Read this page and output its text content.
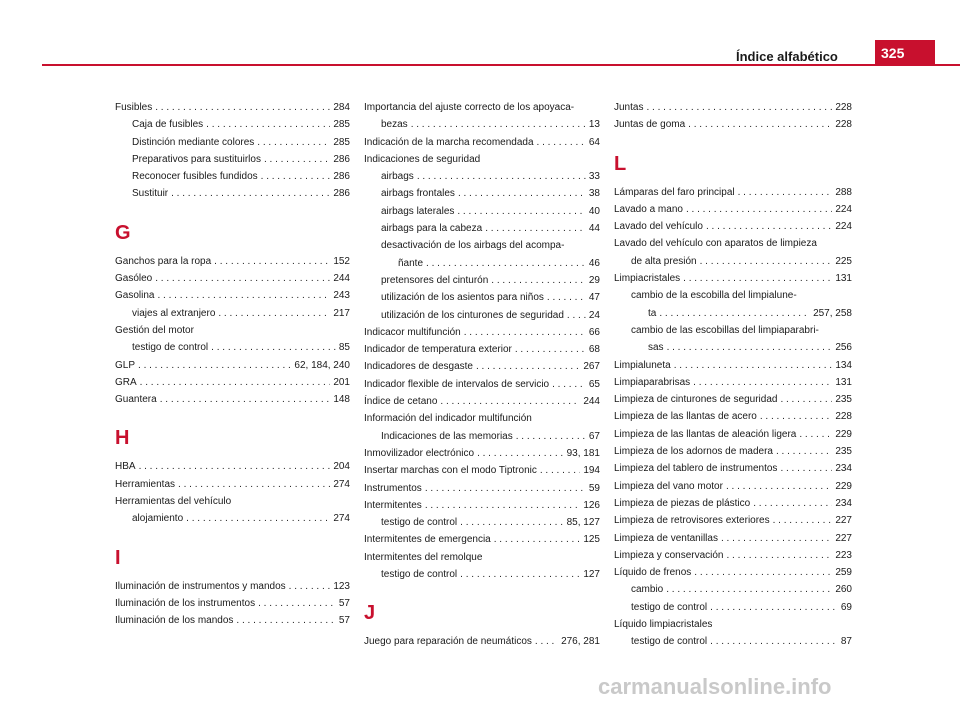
Índice alfabético	325
Fusibles . . .	284
Caja de fusibles . . .	285
Distinción mediante colores . . .	285
Preparativos para sustituirlos . . .	286
Reconocer fusibles fundidos . . .	286
Sustituir . . .	286
G
Ganchos para la ropa . . .	152
Gasóleo . . .	244
Gasolina . . .	243
viajes al extranjero . . .	217
Gestión del motor
testigo de control . . .	85
GLP . . .	62, 184, 240
GRA . . .	201
Guantera . . .	148
H
HBA . . .	204
Herramientas . . .	274
Herramientas del vehículo
alojamiento . . .	274
I
Iluminación de instrumentos y mandos . . .	123
Iluminación de los instrumentos . . .	57
Iluminación de los mandos . . .	57
Importancia del ajuste correcto de los apoyaca-
bezas . . .	13
Indicación de la marcha recomendada . . .	64
Indicaciones de seguridad
airbags . . .	33
airbags frontales . . .	38
airbags laterales . . .	40
airbags para la cabeza . . .	44
desactivación de los airbags del acompa-
ñante . . .	46
pretensores del cinturón . . .	29
utilización de los asientos para niños . . .	47
utilización de los cinturones de seguridad . . . 24
Indicacor multifunción . . .	66
Indicador de temperatura exterior . . .	68
Indicadores de desgaste . . .	267
Indicador flexible de intervalos de servicio . . .	65
Índice de cetano . . .	244
Información del indicador multifunción
Indicaciones de las memorias . . .	67
Inmovilizador electrónico . . .	93, 181
Insertar marchas con el modo Tiptronic . . .	194
Instrumentos . . .	59
Intermitentes . . .	126
testigo de control . . .	85, 127
Intermitentes de emergencia . . .	125
Intermitentes del remolque
testigo de control . . .	127
J
Juego para reparación de neumáticos . . .	276, 281
Juntas . . .	228
Juntas de goma . . .	228
L
Lámparas del faro principal . . .	288
Lavado a mano . . .	224
Lavado del vehículo . . .	224
Lavado del vehículo con aparatos de limpieza
de alta presión . . .	225
Limpiacristales . . .	131
cambio de la escobilla del limpialune-
ta . . .	257, 258
cambio de las escobillas del limpiaparabri-
sas . . .	256
Limpialuneta . . .	134
Limpiaparabrisas . . .	131
Limpieza de cinturones de seguridad . . .	235
Limpieza de las llantas de acero . . .	228
Limpieza de las llantas de aleación ligera . . .	229
Limpieza de los adornos de madera . . .	235
Limpieza del tablero de instrumentos . . .	234
Limpieza del vano motor . . .	229
Limpieza de piezas de plástico . . .	234
Limpieza de retrovisores exteriores . . .	227
Limpieza de ventanillas . . .	227
Limpieza y conservación . . .	223
Líquido de frenos . . .	259
cambio . . .	260
testigo de control . . .	69
Líquido limpiacristales
testigo de control . . .	87
carmanualsonline.info
